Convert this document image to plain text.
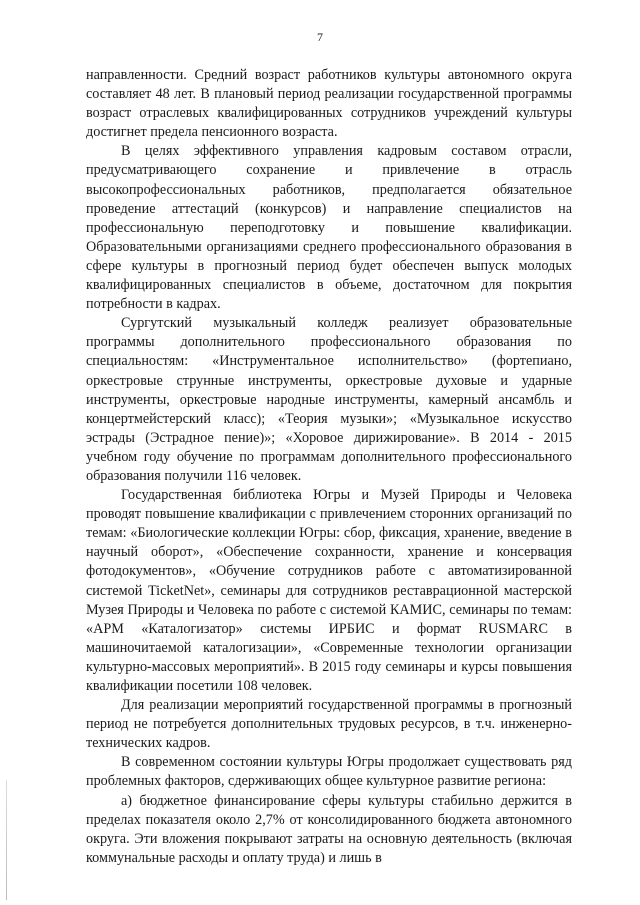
7

направленности. Средний возраст работников культуры автономного округа составляет 48 лет. В плановый период реализации государственной программы возраст отраслевых квалифицированных сотрудников учреждений культуры достигнет предела пенсионного возраста.

В целях эффективного управления кадровым составом отрасли, предусматривающего сохранение и привлечение в отрасль высокопрофессиональных работников, предполагается обязательное проведение аттестаций (конкурсов) и направление специалистов на профессиональную переподготовку и повышение квалификации. Образовательными организациями среднего профессионального образования в сфере культуры в прогнозный период будет обеспечен выпуск молодых квалифицированных специалистов в объеме, достаточном для покрытия потребности в кадрах.

Сургутский музыкальный колледж реализует образовательные программы дополнительного профессионального образования по специальностям: «Инструментальное исполнительство» (фортепиано, оркестровые струнные инструменты, оркестровые духовые и ударные инструменты, оркестровые народные инструменты, камерный ансамбль и концертмейстерский класс); «Теория музыки»; «Музыкальное искусство эстрады (Эстрадное пение)»; «Хоровое дирижирование». В 2014 - 2015 учебном году обучение по программам дополнительного профессионального образования получили 116 человек.

Государственная библиотека Югры и Музей Природы и Человека проводят повышение квалификации с привлечением сторонних организаций по темам: «Биологические коллекции Югры: сбор, фиксация, хранение, введение в научный оборот», «Обеспечение сохранности, хранение и консервация фотодокументов», «Обучение сотрудников работе с автоматизированной системой TicketNet», семинары для сотрудников реставрационной мастерской Музея Природы и Человека по работе с системой КАМИС, семинары по темам: «АРМ «Каталогизатор» системы ИРБИС и формат RUSMARC в машиночитаемой каталогизации», «Современные технологии организации культурно-массовых мероприятий». В 2015 году семинары и курсы повышения квалификации посетили 108 человек.

Для реализации мероприятий государственной программы в прогнозный период не потребуется дополнительных трудовых ресурсов, в т.ч. инженерно-технических кадров.

В современном состоянии культуры Югры продолжает существовать ряд проблемных факторов, сдерживающих общее культурное развитие региона:

а) бюджетное финансирование сферы культуры стабильно держится в пределах показателя около 2,7% от консолидированного бюджета автономного округа. Эти вложения покрывают затраты на основную деятельность (включая коммунальные расходы и оплату труда) и лишь в
